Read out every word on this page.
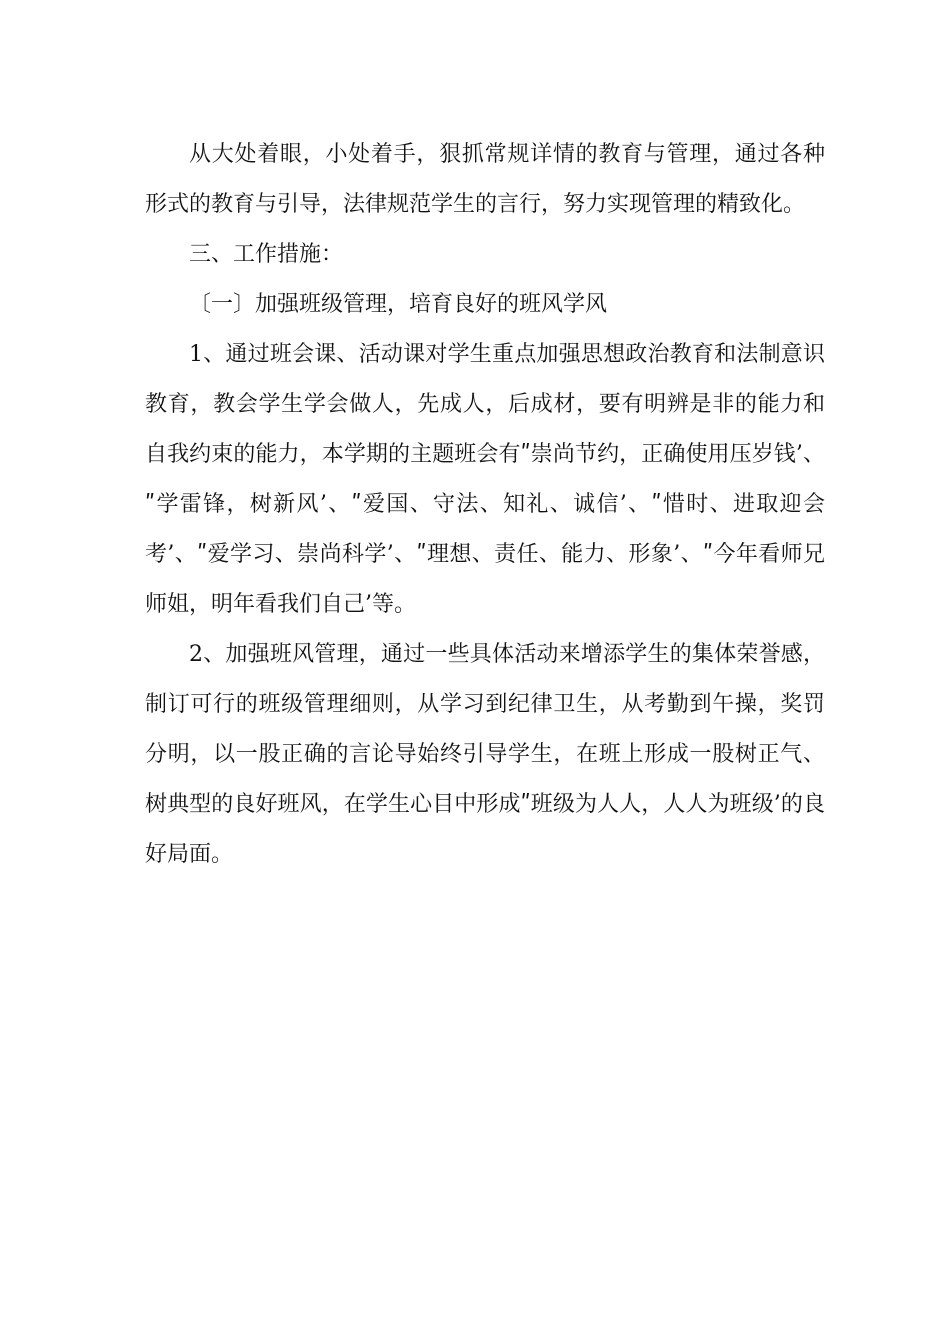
从大处着眼，小处着手，狠抓常规详情的教育与管理，通过各种形式的教育与引导，法律规范学生的言行，努力实现管理的精致化。

三、工作措施：

〔一〕加强班级管理，培育良好的班风学风

1、通过班会课、活动课对学生重点加强思想政治教育和法制意识教育，教会学生学会做人，先成人，后成材，要有明辨是非的能力和自我约束的能力，本学期的主题班会有ʺ崇尚节约，正确使用压岁钱’、ʺ学雷锋，树新风’、ʺ爱国、守法、知礼、诚信’、ʺ惜时、进取迎会考’、ʺ爱学习、崇尚科学’、ʺ理想、责任、能力、形象’、ʺ今年看师兄师姐，明年看我们自己’等。

2、加强班风管理，通过一些具体活动来增添学生的集体荣誉感，制订可行的班级管理细则，从学习到纪律卫生，从考勤到午操，奖罚分明，以一股正确的言论导始终引导学生，在班上形成一股树正气、树典型的良好班风，在学生心目中形成ʺ班级为人人，人人为班级’的良好局面。
